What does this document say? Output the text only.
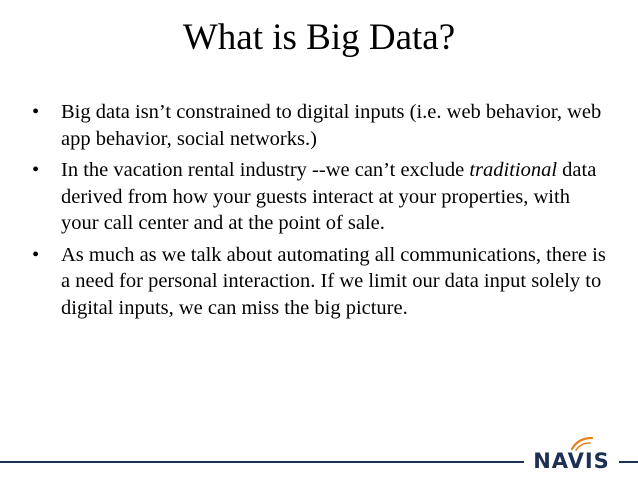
What is Big Data?
• Big data isn’t constrained to digital inputs (i.e. web behavior, web app behavior, social networks.)
• In the vacation rental industry --we can’t exclude traditional data derived from how your guests interact at your properties, with your call center and at the point of sale.
• As much as we talk about automating all communications, there is a need for personal interaction. If we limit our data input solely to digital inputs, we can miss the big picture.
NAVIS
